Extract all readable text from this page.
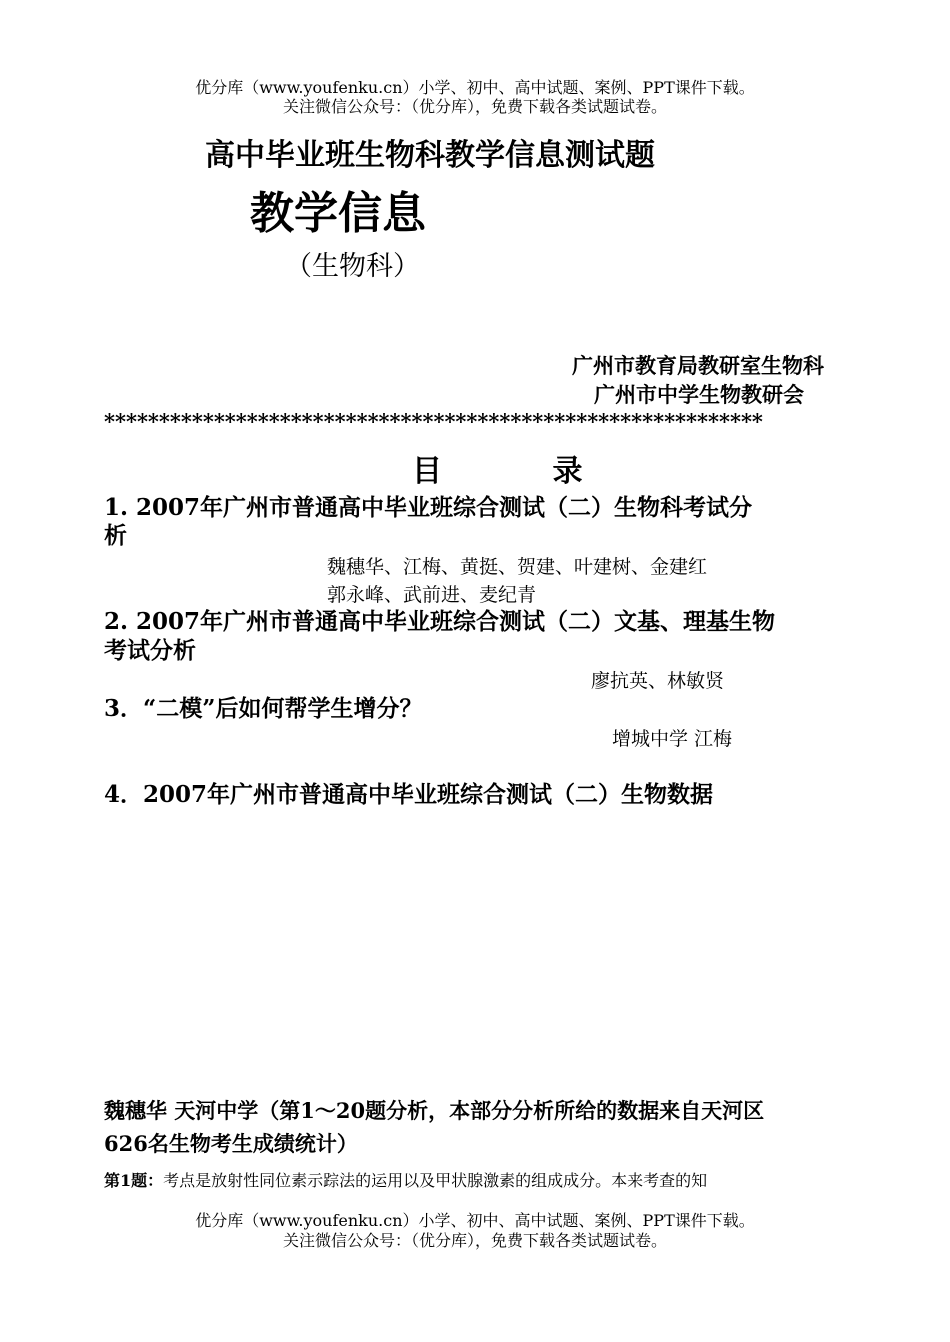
优分库（www.youfenku.cn）小学、初中、高中试题、案例、PPT课件下载。
关注微信公众号：（优分库），免费下载各类试题试卷。
高中毕业班生物科教学信息测试题
教学信息
（生物科）
广州市教育局教研室生物科
广州市中学生物教研会
************************************************************
目 录
1. 2007年广州市普通高中毕业班综合测试（二）生物科考试分
析
魏穗华、江梅、黄挺、贺建、叶建树、金建红
郭永峰、武前进、麦纪青
2. 2007年广州市普通高中毕业班综合测试（二）文基、理基生物
考试分析
廖抗英、林敏贤
3．“二模”后如何帮学生增分？
增城中学 江梅
4．2007年广州市普通高中毕业班综合测试（二）生物数据
魏穗华 天河中学（第1～20题分析，本部分分析所给的数据来自天河区
626名生物考生成绩统计）
第1题：考点是放射性同位素示踪法的运用以及甲状腺激素的组成成分。本来考查的知
优分库（www.youfenku.cn）小学、初中、高中试题、案例、PPT课件下载。
关注微信公众号：（优分库），免费下载各类试题试卷。
